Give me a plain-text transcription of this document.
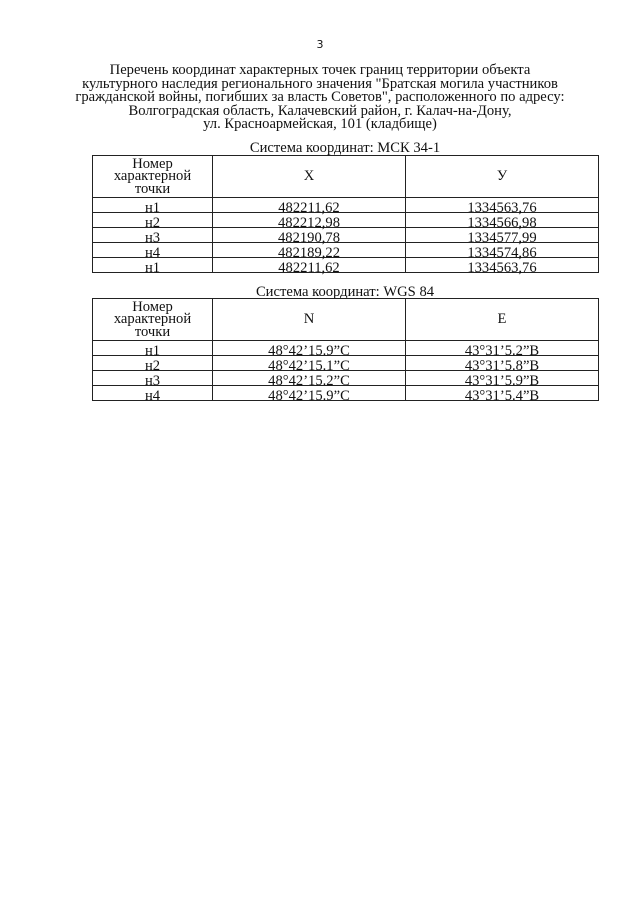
3
Перечень координат характерных точек границ территории объекта
культурного наследия регионального значения "Братская могила участников
гражданской войны, погибших за власть Советов", расположенного по адресу:
Волгоградская область, Калачевский район, г. Калач-на-Дону,
ул. Красноармейская, 101 (кладбище)
Система координат: МСК 34-1
Номер
характерной
точки	X	У
н1	482211,62	1334563,76
н2	482212,98	1334566,98
н3	482190,78	1334577,99
н4	482189,22	1334574,86
н1	482211,62	1334563,76
Система координат: WGS 84
Номер
характерной
точки	N	E
н1	48°42’15.9”С	43°31’5.2”В
н2	48°42’15.1”С	43°31’5.8”В
н3	48°42’15.2”С	43°31’5.9”В
н4	48°42’15.9”С	43°31’5.4”В
